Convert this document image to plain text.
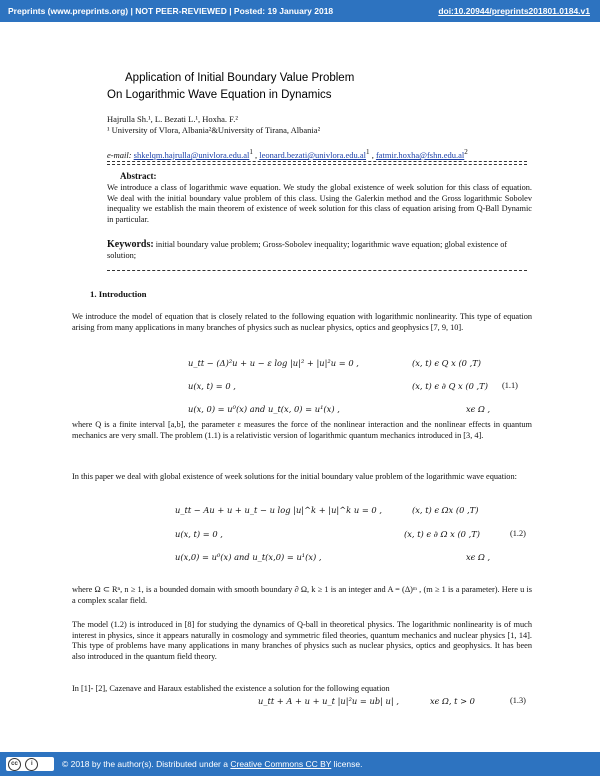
Preprints (www.preprints.org) | NOT PEER-REVIEWED | Posted: 19 January 2018	doi:10.20944/preprints201801.0184.v1
Application of Initial Boundary Value Problem
On Logarithmic Wave Equation in Dynamics
Hajrulla Sh.¹, L. Bezati L.¹, Hoxha. F.²
¹ University of Vlora, Albania²&University of Tirana, Albania²
e-mail: $shkelqm.hajrulla@univlora.edu.al^1$ , $leonard.bezati@univlora.edu.al^1$ , $fatmir.hoxha@fshn.edu.al^2$
Abstract:
We introduce a class of logarithmic wave equation. We study the global existence of week solution for this class of equation. We deal with the initial boundary value problem of this class. Using the Galerkin method and the Gross logarithmic Sobolev inequality we establish the main theorem of existence of week solution for this class of equation arising from Q-Ball Dynamic in particular.
Keywords: initial boundary value problem; Gross-Sobolev inequality; logarithmic wave equation; global existence of solution;
1. Introduction
We introduce the model of equation that is closely related to the following equation with logarithmic nonlinearity. This type of equation arising from many applications in many branches of physics such as nuclear physics, optics and geophysics [7, 9, 10].
u_tt − (Δ)²u + u − ε log |u|² + |u|²u = 0 ,	(x, t) ϵ Q x (0 ,T)
u(x, t) = 0 ,	(x, t) ϵ ∂ Q x (0 ,T) (1.1)
u(x, 0) = u⁰(x) and u_t(x, 0) = u¹(x) ,	xϵ Ω ,
where Q is a finite interval [a,b], the parameter ε measures the force of the nonlinear interaction and the nonlinear effects in quantum mechanics are very small. The problem (1.1) is a relativistic version of logarithmic quantum mechanics introduced in [3, 4].
In this paper we deal with global existence of week solutions for the initial boundary value problem of the logarithmic wave equation:
u_tt − Au + u + u_t − u log |u|^k + |u|^k u = 0 ,	(x, t) ϵ Ωx (0 ,T)
u(x, t) = 0 ,	(x, t) ϵ ∂ Ω x (0 ,T)	(1.2)
u(x,0) = u⁰(x) and u_t(x,0) = u¹(x) ,	xϵ Ω ,
where Ω ⊂ Rⁿ, n ≥ 1, is a bounded domain with smooth boundary ∂ Ω, k ≥ 1 is an integer and A = (Δ)ᵐ , (m ≥ 1 is a parameter). Here u is a complex scalar field.
The model (1.2) is introduced in [8] for studying the dynamics of Q-ball in theoretical physics. The logarithmic nonlinearity is of much interest in physics, since it appears naturally in cosmology and symmetric filed theories, quantum mechanics and nuclear physics [1, 14]. This type of problems have many applications in many branches of physics such as nuclear physics, optics and geophysics. It has been also introduced in the quantum field theory.
In [1]- [2], Cazenave and Haraux established the existence a solution for the following equation
u_tt + A + u + u_t |u|²u = ub| u| ,	xϵ Ω, t > 0	(1.3)
cc i	© 2018 by the author(s). Distributed under a Creative Commons CC BY license.
